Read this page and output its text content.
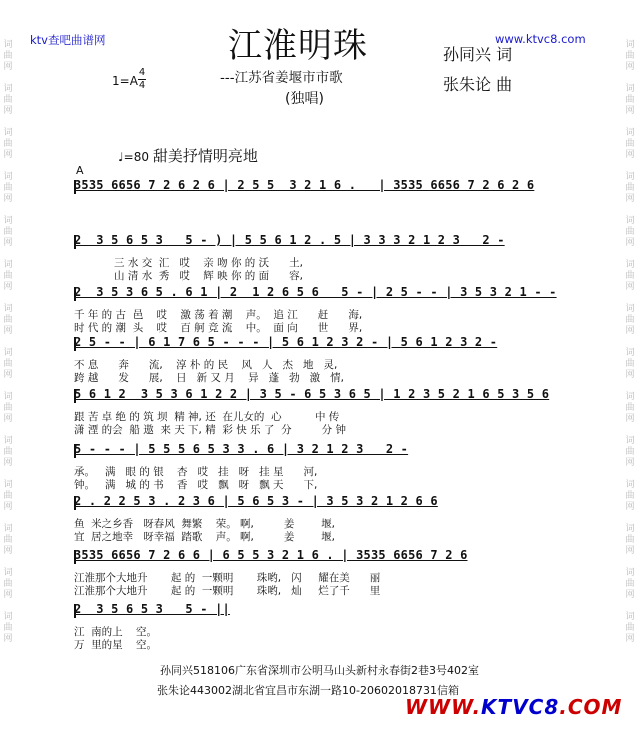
词
曲
网
词
曲
网
词
曲
网
词
曲
网
词
曲
网
词
曲
网
词
曲
网
词
曲
网
词
曲
网
词
曲
网
词
曲
网
词
曲
网
词
曲
网
词
曲
网
词
曲
网
词
曲
网
词
曲
网
词
曲
网
词
曲
网
词
曲
网
词
曲
网
词
曲
网
词
曲
网
词
曲
网
词
曲
网
词
曲
网
词
曲
网
词
曲
网
ktv查吧曲谱网	www.ktvc8.com
江淮明珠
---江苏省姜堰市市歌
(独唱)
1=A
4
4
孙同兴 词
张朱论 曲
♩=80 甜美抒情明亮地
A
3535 6656 7 2 6 2 6 | 2 5 5  3 2 1 6 .   | 3535 6656 7 2 6 2 6
2  3 5 6 5 3   5 - ) | 5 5 6 1 2 . 5 | 3 3 3 2 1 2 3   2 -
三 水 交  汇   哎    亲 吻 你 的 沃      土,
山 清 水  秀   哎    辉 映 你 的 面      容,
2  3 5 3 6 5 . 6 1 | 2  1 2 6 5 6   5 - | 2 5 - - | 3 5 3 2 1 - -
千 年 的 古  邑    哎    激 荡 着 潮    声。  追 江      赶      海,
时 代 的 潮  头    哎    百 舸 竞 流    中。  面 向      世      界,
2 5 - - | 6 1 7 6 5 - - - | 5 6 1 2 3 2 - | 5 6 1 2 3 2 -
不 息      奔      流,    淳 朴 的 民    风   人   杰   地   灵,
跨 越      发      展,    日   新 又 月    异   蓬   勃   激   情,
5 6 1 2  3 5 3 6 1 2 2 | 3 5 - 6 5 3 6 5 | 1 2 3 5 2 1 6 5 3 5 6
跟 苦 卓 绝 的 筑 坝  精 神, 还  在儿女的  心          中 传
潇 湮 的会  船 遨  来 天 下, 精  彩 快 乐 了  分         分 钟
5 - - - | 5 5 5 6 5 3 3 . 6 | 3 2 1 2 3   2 -
承。   满   眼 的 银    杏   哎   挂   呀   挂 星      河,
钟。   满   城 的 书    香   哎   飘   呀   飘 天      下,
2 . 2 2 5 3 . 2 3 6 | 5 6 5 3 - | 3 5 3 2 1 2 6 6
鱼  米之乡香   呀春风  舞繁    荣。 啊,         姜        堰,
宜  居之地幸   呀幸福  踏歌    声。 啊,         姜        堰,
3535 6656 7 2 6 6 | 6 5 5 3 2 1 6 . | 3535 6656 7 2 6
江淮那个大地升       起 的  一颗明       珠哟,   闪     耀在美      丽
江淮那个大地升       起 的  一颗明       珠哟,   灿     烂了千      里
2  3 5 6 5 3   5 - ||
江  南的上    空。
万  里的星    空。
孙同兴518106广东省深圳市公明马山头新村永春街2巷3号402室
张朱论443002湖北省宜昌市东湖一路10-20602018731信箱
WWW.KTVC8.COM
